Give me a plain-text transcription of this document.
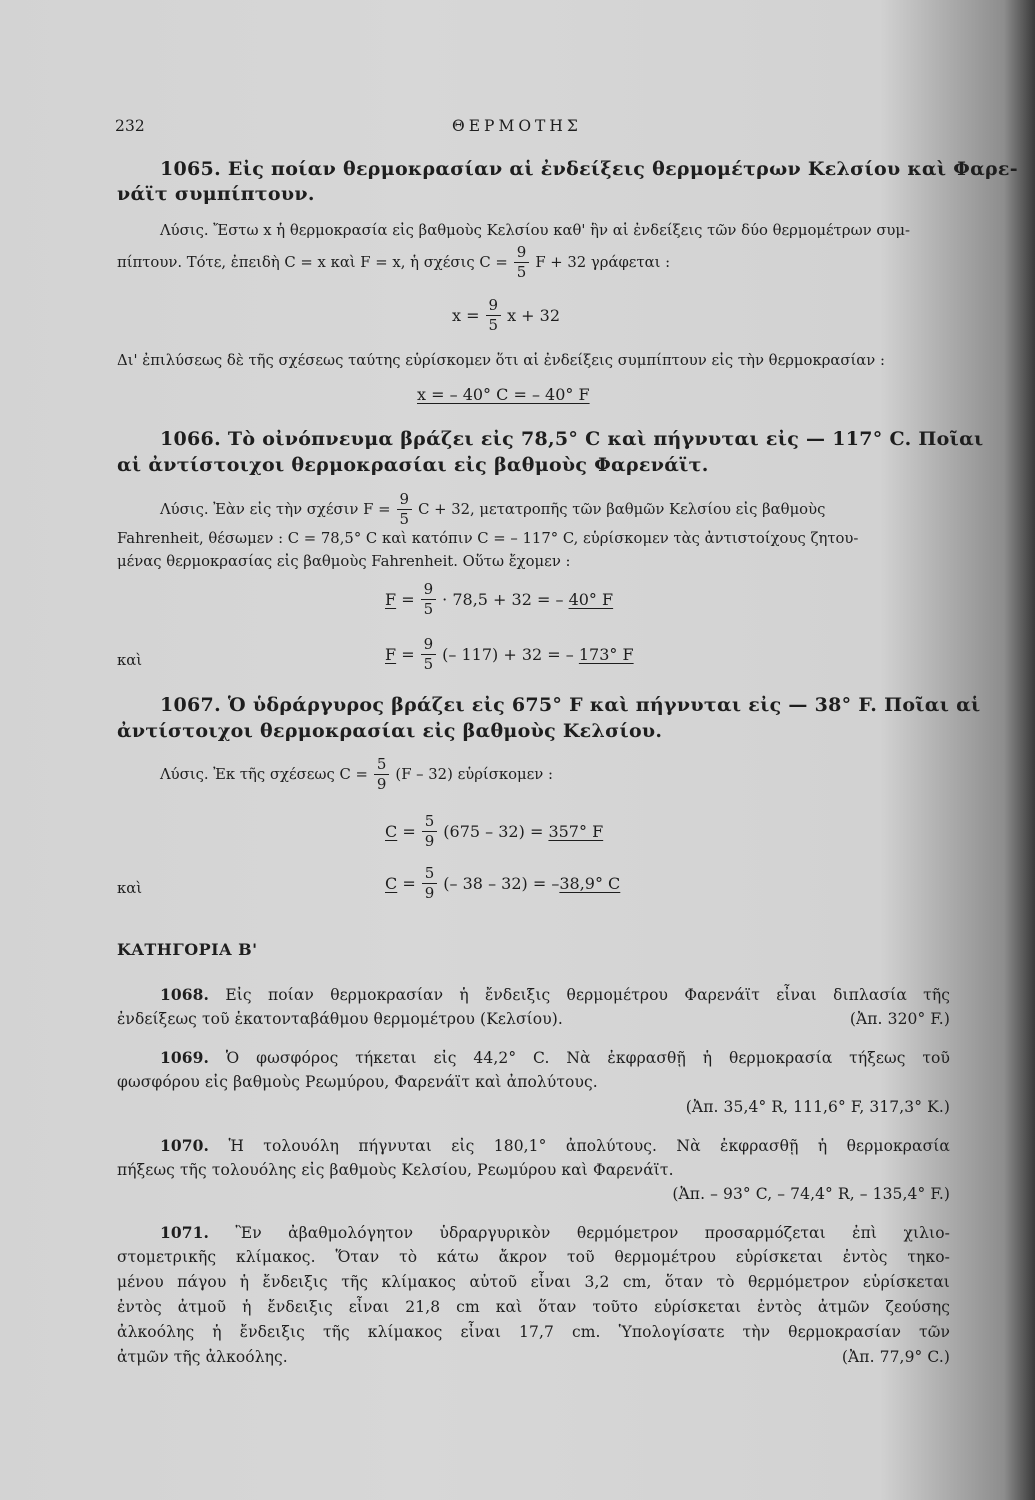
232	ΘΕΡΜΟΤΗΣ
1065. Εἰς ποίαν θερμοκρασίαν αἱ ἐνδείξεις θερμομέτρων Κελσίου καὶ Φαρε-
νάϊτ συμπίπτουν.
Λύσις. Ἔστω x ἡ θερμοκρασία εἰς βαθμοὺς Κελσίου καθ' ἣν αἱ ἐνδείξεις τῶν δύο θερμομέτρων συμ-
πίπτουν. Τότε, ἐπειδὴ C = x καὶ F = x, ἡ σχέσις $C = \frac{9}{5}$ F + 32 γράφεται :
$x = \frac{9}{5}$ x + 32
Δι' ἐπιλύσεως δὲ τῆς σχέσεως ταύτης εὑρίσκομεν ὅτι αἱ ἐνδείξεις συμπίπτουν εἰς τὴν θερμοκρασίαν :
x = – 40° C = – 40° F
1066. Τὸ οἰνόπνευμα βράζει εἰς 78,5° C καὶ πήγνυται εἰς — 117° C. Ποῖαι
αἱ ἀντίστοιχοι θερμοκρασίαι εἰς βαθμοὺς Φαρενάϊτ.
Λύσις. Ἐὰν εἰς τὴν σχέσιν $F = \frac{9}{5}$ C + 32, μετατροπῆς τῶν βαθμῶν Κελσίου εἰς βαθμοὺς
Fahrenheit, θέσωμεν : C = 78,5° C καὶ κατόπιν C = – 117° C, εὑρίσκομεν τὰς ἀντιστοίχους ζητου-
μένας θερμοκρασίας εἰς βαθμοὺς Fahrenheit. Οὕτω ἔχομεν :
F
= $\frac{9}{5} \cdot 78,5 + 32$ = –
40° F
καὶ	F
= $\frac{9}{5}$ (– 117) + 32 = –
173° F
1067. Ὁ ὑδράργυρος βράζει εἰς 675° F καὶ πήγνυται εἰς — 38° F. Ποῖαι αἱ
ἀντίστοιχοι θερμοκρασίαι εἰς βαθμοὺς Κελσίου.
Λύσις. Ἐκ τῆς σχέσεως $C = \frac{5}{9} (F - 32)$ εὑρίσκομεν :
C
= $\frac{5}{9} (675 - 32)$ =
357° F
καὶ	C
= $\frac{5}{9}$ (– 38 – 32) = – 38,9° C
ΚΑΤΗΓΟΡΙΑ Β'
1068. Εἰς ποίαν θερμοκρασίαν ἡ ἔνδειξις θερμομέτρου Φαρενάϊτ εἶναι διπλασία τῆς
ἐνδείξεως τοῦ ἑκατονταβάθμου θερμομέτρου (Κελσίου).	(Ἀπ. 320° F.)
1069. Ὁ φωσφόρος τήκεται εἰς 44,2° C. Νὰ ἐκφρασθῇ ἡ θερμοκρασία τήξεως τοῦ
φωσφόρου εἰς βαθμοὺς Ρεωμύρου, Φαρενάϊτ καὶ ἀπολύτους.
(Ἀπ. 35,4° R, 111,6° F, 317,3° K.)
1070. Ἡ τολουόλη πήγνυται εἰς 180,1° ἀπολύτους. Νὰ ἐκφρασθῇ ἡ θερμοκρασία
πήξεως τῆς τολουόλης εἰς βαθμοὺς Κελσίου, Ρεωμύρου καὶ Φαρενάϊτ.
(Ἀπ. – 93° C, – 74,4° R, – 135,4° F.)
1071. Ἓν ἀβαθμολόγητον ὑδραργυρικὸν θερμόμετρον προσαρμόζεται ἐπὶ χιλιο-
στομετρικῆς κλίμακος. Ὅταν τὸ κάτω ἄκρον τοῦ θερμομέτρου εὑρίσκεται ἐντὸς τηκο-
μένου πάγου ἡ ἔνδειξις τῆς κλίμακος αὐτοῦ εἶναι 3,2 cm, ὅταν τὸ θερμόμετρον εὑρίσκεται
ἐντὸς ἀτμοῦ ἡ ἔνδειξις εἶναι 21,8 cm καὶ ὅταν τοῦτο εὑρίσκεται ἐντὸς ἀτμῶν ζεούσης
ἀλκοόλης ἡ ἔνδειξις τῆς κλίμακος εἶναι 17,7 cm. Ὑπολογίσατε τὴν θερμοκρασίαν τῶν
ἀτμῶν τῆς ἀλκοόλης.	(Ἀπ. 77,9° C.)
